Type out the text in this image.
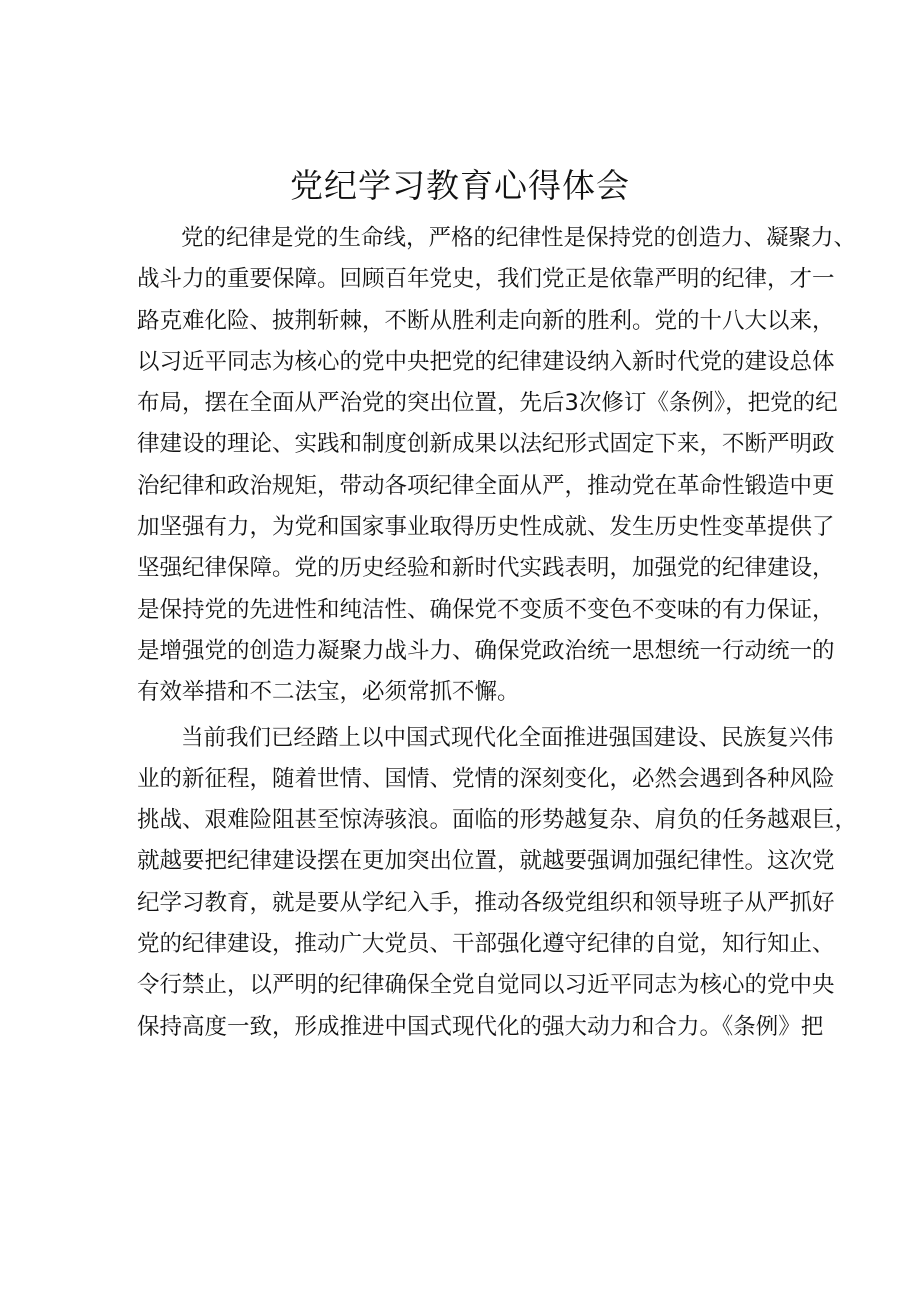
党纪学习教育心得体会
党的纪律是党的生命线，严格的纪律性是保持党的创造力、凝聚力、
战斗力的重要保障。回顾百年党史，我们党正是依靠严明的纪律，才一
路克难化险、披荆斩棘，不断从胜利走向新的胜利。党的十八大以来，
以习近平同志为核心的党中央把党的纪律建设纳入新时代党的建设总体
布局，摆在全面从严治党的突出位置，先后3次修订《条例》，把党的纪
律建设的理论、实践和制度创新成果以法纪形式固定下来，不断严明政
治纪律和政治规矩，带动各项纪律全面从严，推动党在革命性锻造中更
加坚强有力，为党和国家事业取得历史性成就、发生历史性变革提供了
坚强纪律保障。党的历史经验和新时代实践表明，加强党的纪律建设，
是保持党的先进性和纯洁性、确保党不变质不变色不变味的有力保证，
是增强党的创造力凝聚力战斗力、确保党政治统一思想统一行动统一的
有效举措和不二法宝，必须常抓不懈。
当前我们已经踏上以中国式现代化全面推进强国建设、民族复兴伟
业的新征程，随着世情、国情、党情的深刻变化，必然会遇到各种风险
挑战、艰难险阻甚至惊涛骇浪。面临的形势越复杂、肩负的任务越艰巨，
就越要把纪律建设摆在更加突出位置，就越要强调加强纪律性。这次党
纪学习教育，就是要从学纪入手，推动各级党组织和领导班子从严抓好
党的纪律建设，推动广大党员、干部强化遵守纪律的自觉，知行知止、
令行禁止，以严明的纪律确保全党自觉同以习近平同志为核心的党中央
保持高度一致，形成推进中国式现代化的强大动力和合力。《条例》把
